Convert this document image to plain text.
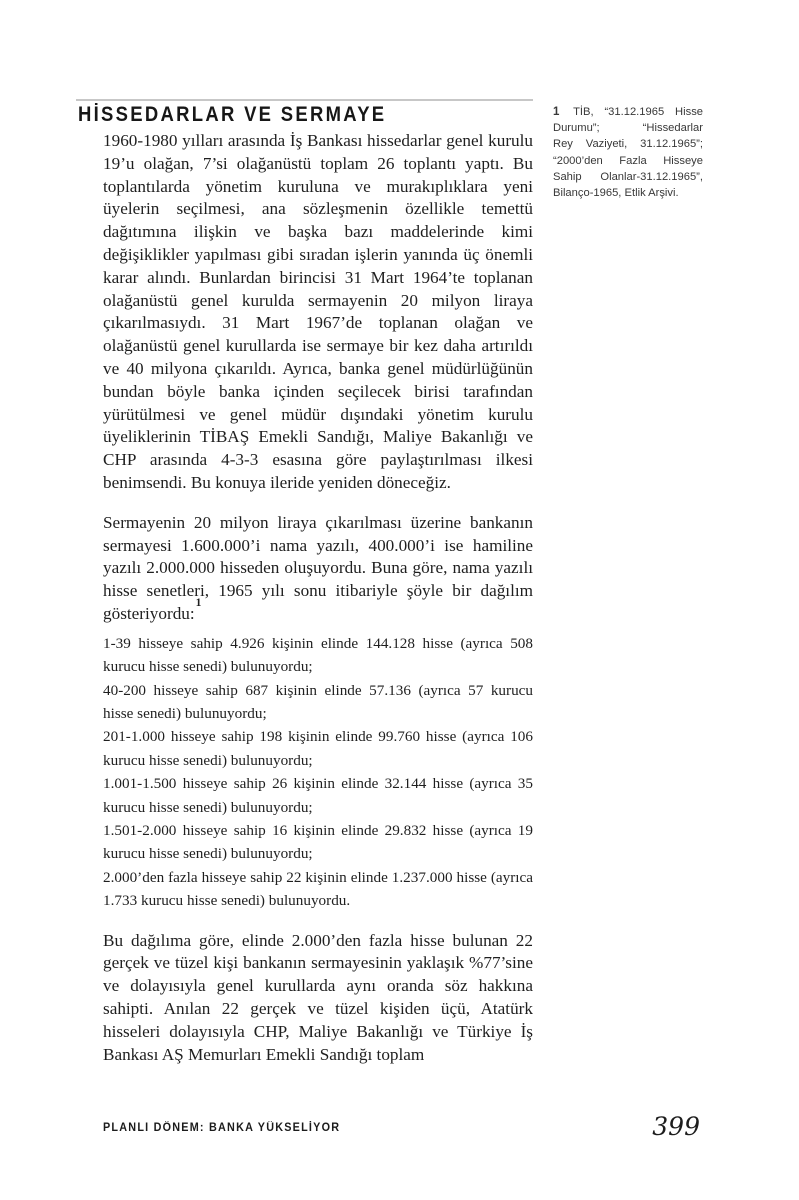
HİSSEDARLAR VE SERMAYE	1 TİB, “31.12.1965 Hisse
Durumu”; “Hissedarlar
Rey Vaziyeti, 31.12.1965”;
“2000’den Fazla Hisseye
Sahip Olanlar-31.12.1965”,
Bilanço-1965, Etlik Arşivi.

1960-1980 yılları arasında İş Bankası hissedarlar genel kurulu 19’u olağan, 7’si olağanüstü toplam 26 toplantı yaptı. Bu toplantılarda yönetim kuruluna ve murakıplıklara yeni üyelerin seçilmesi, ana sözleşmenin özellikle temettü dağıtımına ilişkin ve başka bazı maddelerinde kimi değişiklikler yapılması gibi sıradan işlerin yanında üç önemli karar alındı. Bunlardan birincisi 31 Mart 1964’te toplanan olağanüstü genel kurulda sermayenin 20 milyon liraya çıkarılmasıydı. 31 Mart 1967’de toplanan olağan ve olağanüstü genel kurullarda ise sermaye bir kez daha artırıldı ve 40 milyona çıkarıldı. Ayrıca, banka genel müdürlüğünün bundan böyle banka içinden seçilecek birisi tarafından yürütülmesi ve genel müdür dışındaki yönetim kurulu üyeliklerinin TİBAŞ Emekli Sandığı, Maliye Bakanlığı ve CHP arasında 4-3-3 esasına göre paylaştırılması ilkesi benimsendi. Bu konuya ileride yeniden döneceğiz.

Sermayenin 20 milyon liraya çıkarılması üzerine bankanın sermayesi 1.600.000’i nama yazılı, 400.000’i ise hamiline yazılı 2.000.000 hisseden oluşuyordu. Buna göre, nama yazılı hisse senetleri, 1965 yılı sonu itibariyle şöyle bir dağılım gösteriyordu:$^1$

1-39 hisseye sahip 4.926 kişinin elinde 144.128 hisse (ayrıca 508 kurucu hisse senedi) bulunuyordu;

40-200 hisseye sahip 687 kişinin elinde 57.136 (ayrıca 57 kurucu hisse senedi) bulunuyordu;

201-1.000 hisseye sahip 198 kişinin elinde 99.760 hisse (ayrıca 106 kurucu hisse senedi) bulunuyordu;

1.001-1.500 hisseye sahip 26 kişinin elinde 32.144 hisse (ayrıca 35 kurucu hisse senedi) bulunuyordu;

1.501-2.000 hisseye sahip 16 kişinin elinde 29.832 hisse (ayrıca 19 kurucu hisse senedi) bulunuyordu;

2.000’den fazla hisseye sahip 22 kişinin elinde 1.237.000 hisse (ayrıca 1.733 kurucu hisse senedi) bulunuyordu.

Bu dağılıma göre, elinde 2.000’den fazla hisse bulunan 22 gerçek ve tüzel kişi bankanın sermayesinin yaklaşık %77’sine ve dolayısıyla genel kurullarda aynı oranda söz hakkına sahipti. Anılan 22 gerçek ve tüzel kişiden üçü, Atatürk hisseleri dolayısıyla CHP, Maliye Bakanlığı ve Türkiye İş Bankası AŞ Memurları Emekli Sandığı toplam

PLANLI DÖNEM: BANKA YÜKSELİYOR	399
